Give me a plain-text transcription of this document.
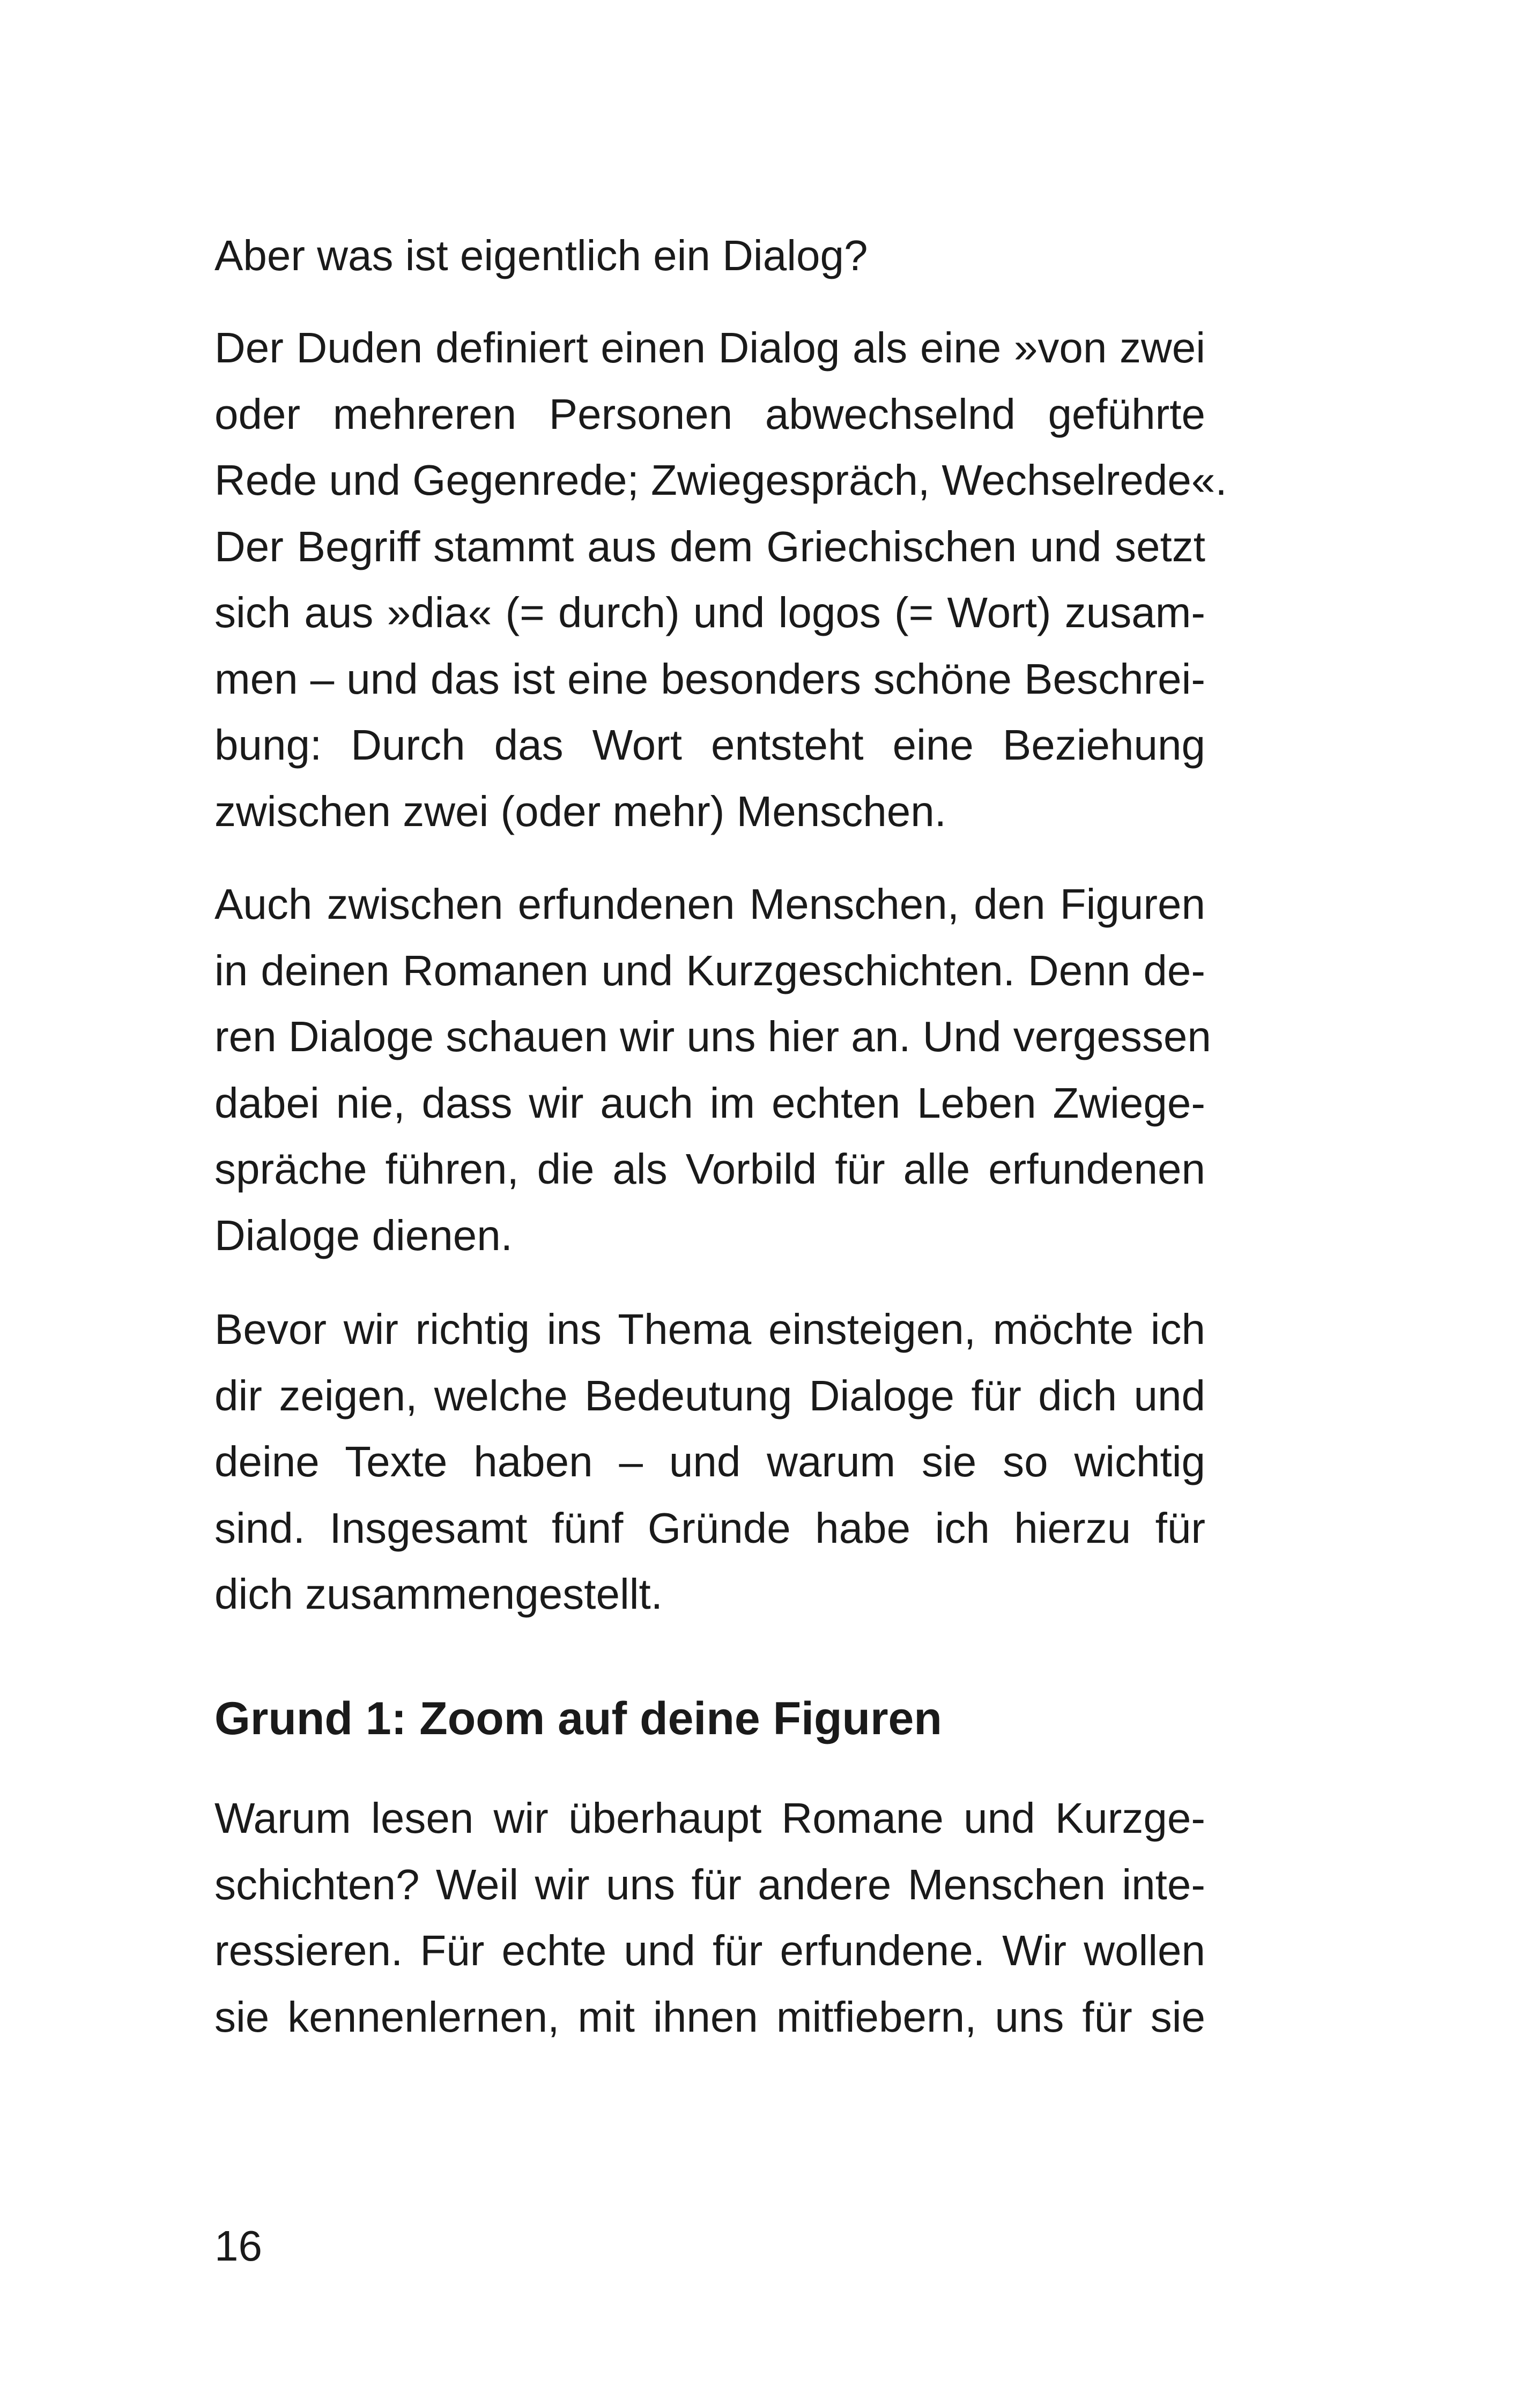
Aber was ist eigentlich ein Dialog?

Der Duden definiert einen Dialog als eine »von zwei
oder mehreren Personen abwechselnd geführte
Rede und Gegenrede; Zwiegespräch, Wechselrede«.
Der Begriff stammt aus dem Griechischen und setzt
sich aus »dia« (= durch) und logos (= Wort) zusam-
men – und das ist eine besonders schöne Beschrei-
bung: Durch das Wort entsteht eine Beziehung
zwischen zwei (oder mehr) Menschen.

Auch zwischen erfundenen Menschen, den Figuren
in deinen Romanen und Kurzgeschichten. Denn de-
ren Dialoge schauen wir uns hier an. Und vergessen
dabei nie, dass wir auch im echten Leben Zwiege-
spräche führen, die als Vorbild für alle erfundenen
Dialoge dienen.

Bevor wir richtig ins Thema einsteigen, möchte ich
dir zeigen, welche Bedeutung Dialoge für dich und
deine Texte haben – und warum sie so wichtig
sind. Insgesamt fünf Gründe habe ich hierzu für
dich zusammengestellt.

Grund 1: Zoom auf deine Figuren

Warum lesen wir überhaupt Romane und Kurzge-
schichten? Weil wir uns für andere Menschen inte-
ressieren. Für echte und für erfundene. Wir wollen
sie kennenlernen, mit ihnen mitfiebern, uns für sie

16
